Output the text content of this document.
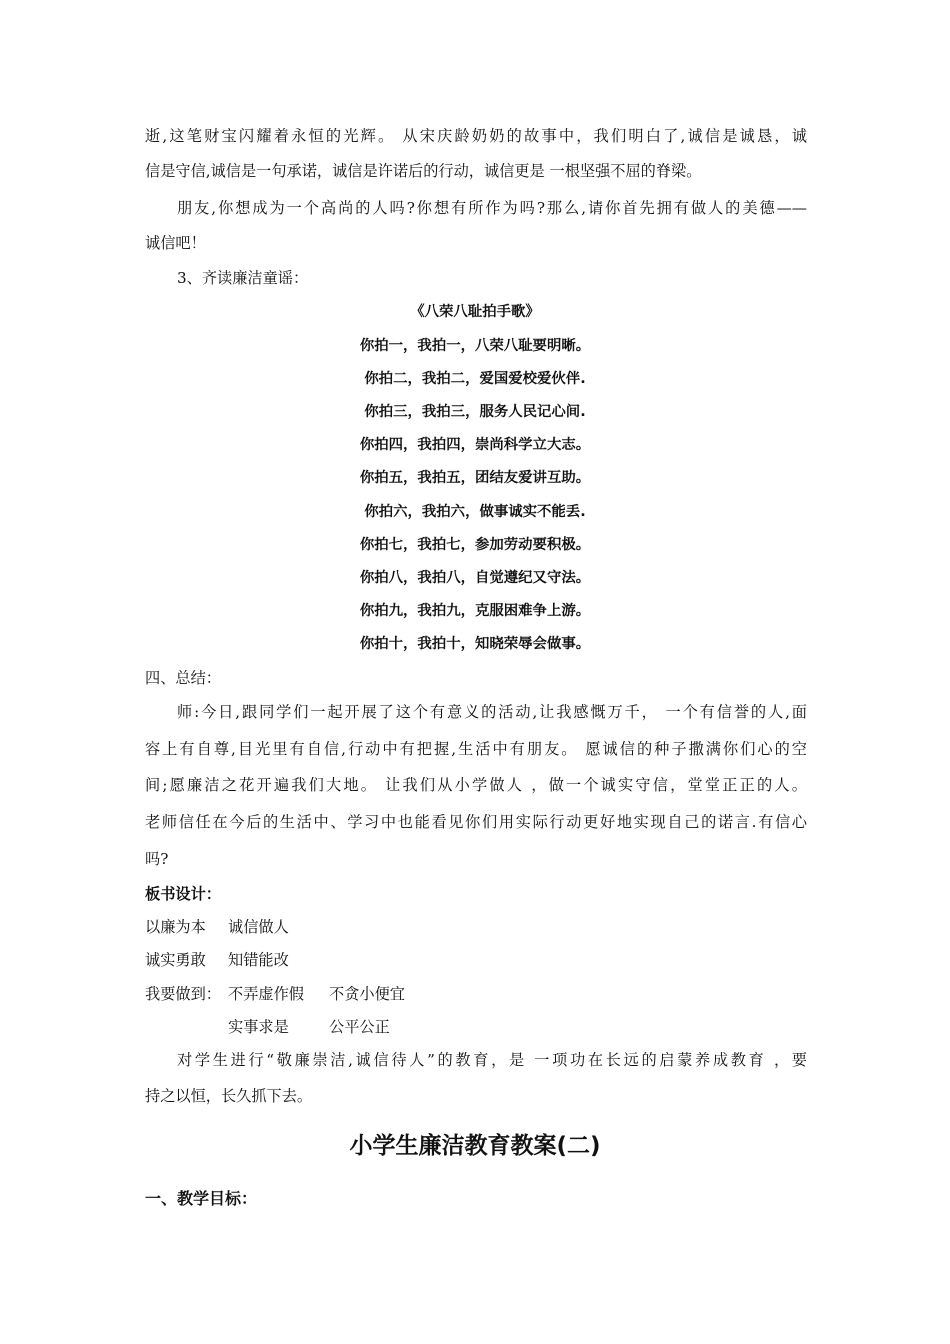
逝,这笔财宝闪耀着永恒的光辉。 从宋庆龄奶奶的故事中，我们明白了,诚信是诚恳，诚
信是守信,诚信是一句承诺，诚信是许诺后的行动，诚信更是 一根坚强不屈的脊梁。
朋友,你想成为一个高尚的人吗?你想有所作为吗?那么,请你首先拥有做人的美德——
诚信吧！
3、齐读廉洁童谣：
《八荣八耻拍手歌》
你拍一，我拍一，八荣八耻要明晰。
你拍二，我拍二，爱国爱校爱伙伴.
你拍三，我拍三，服务人民记心间.
你拍四，我拍四，崇尚科学立大志。
你拍五，我拍五，团结友爱讲互助。
你拍六，我拍六，做事诚实不能丢.
你拍七，我拍七，参加劳动要积极。
你拍八，我拍八，自觉遵纪又守法。
你拍九，我拍九，克服困难争上游。
你拍十，我拍十，知晓荣辱会做事。
四、总结：
师:今日,跟同学们一起开展了这个有意义的活动,让我感慨万千， 一个有信誉的人,面
容上有自尊,目光里有自信,行动中有把握,生活中有朋友。 愿诚信的种子撒满你们心的空
间;愿廉洁之花开遍我们大地。 让我们从小学做人 ，做一个诚实守信，堂堂正正的人。
老师信任在今后的生活中、学习中也能看见你们用实际行动更好地实现自己的诺言.有信心
吗?
板书设计：
以廉为本 诚信做人
诚实勇敢 知错能改
我要做到： 不弄虚作假 不贪小便宜
实事求是	公平公正
对学生进行“敬廉崇洁,诚信待人”的教育，是 一项功在长远的启蒙养成教育 ，要
持之以恒，长久抓下去。
小学生廉洁教育教案(二)
一、教学目标：
